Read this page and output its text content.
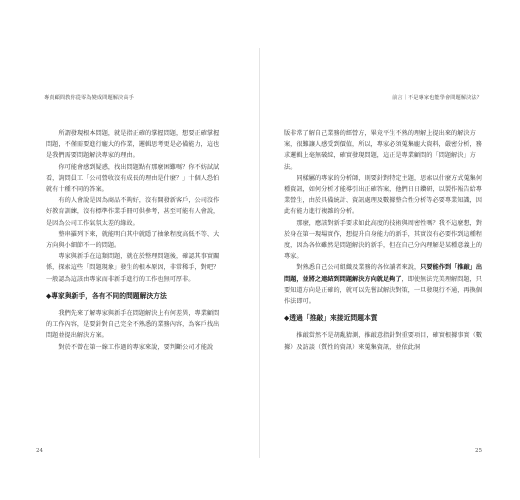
專責顧問教你從零為變成問題解決高手	前言｜不是專家也能學會問題解決法？

所謂發現根本問題，就是指正確的掌握問題，想要正確掌握問題，不僅需要進行龐大的作業，邏輯思考更是必備能力，這也是我們需要問題解決專家的理由。

你可能會感到疑惑，找出問題點有那麼困難嗎？你不妨試試看，詢問員工「公司營收沒有成長的理由是什麼？」十個人恐怕就有十種不同的答案。

有的人會說是因為商品不夠好，沒有開發新客戶，公司沒作好教育訓練，沒有標準作業手冊可供參考，甚至可能有人會說，是因為公司工作氣氛太差的緣故。

整串羅列下來，就能明白其中就隱了抽象程度高低不等、大方向與小細節不一的問題。

專家與新手在這類問題，就在於整理問題後，確認其事實關係，探索這些「問題現象」發生的根本原因，非常稀手，對吧？一般認為這該由專家而非新手進行的工作也無可厚非。

◆專家與新手，各有不同的問題解決方法

我們先來了解專家與新手在問題解決上有何差異，專業顧問的工作內容，是要針對自己完全不熟悉的業務內容，為客戶找出問題並提出解決方案。

對於不曾在第一線工作過的專家來說，要判斷公司才能說

版非常了解自己業務的經營方，畢竟平生不熟的理解上提出來的解決方案，很難讓人感受到價值，所以，專家必須蒐集龐大資料，嚴密分析，務求邏輯上毫無破綻，確實發現問題，這正是專業顧問的「問題解決」方法。

同樣屬的專家的分析師，則要針對特定主題，思索以什麼方式蒐集何種資訊，如何分析才能導引出正確答案，他們日日鑽研，以製作報告給專業營生，由於具備統計、資訊處理及數據整合性分析等必要專業知識，因此有能力進行複雜的分析。

那麼，應該對新手要求如此高度的技術與周密性嗎？我不這麼想，對於身在第一現場實作，想提升自身能力的新手，其實沒有必要作到這種程度，因為各位雖然是問題解決的新手，但在自己分內理解是某種意義上的專家。

對熟悉自己公司組織及業務的各位讀者來說，只要能作到「推敲」出問題，並將之連結到問題解決方向就足夠了，即使無法完美理解問題，只要知道方向是正確的，就可以先嘗試解決對策，一旦發現行不通，再換個作法即可。

◆透過「推敲」來接近問題本質

推敲當然不是胡亂猜測，推敲意指針對重要項目，確實根據事實（數據）及訪談（質性的資訊）來蒐集資訊，並依此洞

24	25
